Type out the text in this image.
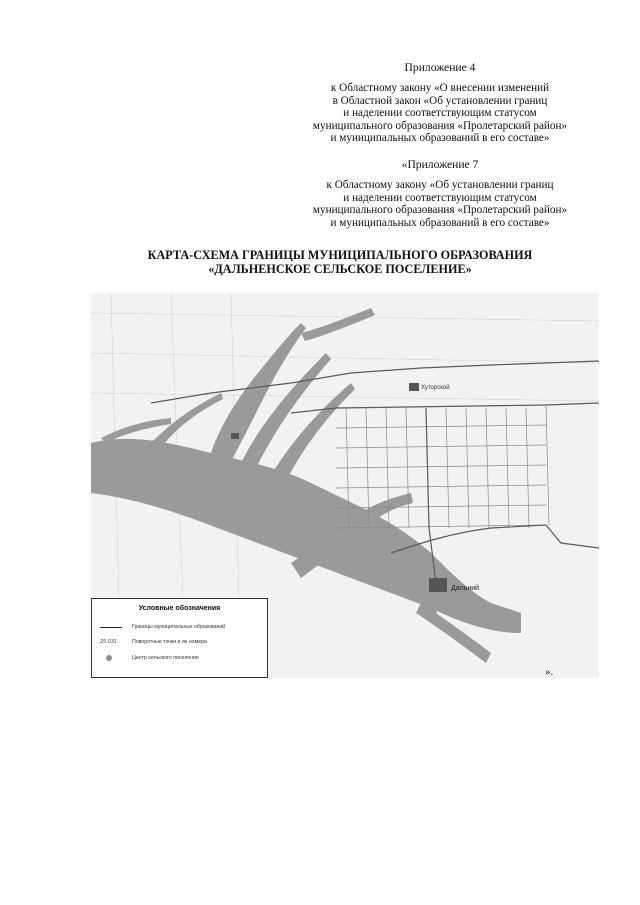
Приложение 4
к Областному закону «О внесении изменений
в Областной закон «Об установлении границ
и наделении соответствующим статусом
муниципального образования «Пролетарский район»
и муниципальных образований в его составе»
«Приложение 7
к Областному закону «Об установлении границ
и наделении соответствующим статусом
муниципального образования «Пролетарский район»
и муниципальных образований в его составе»
КАРТА-СХЕМА ГРАНИЦЫ МУНИЦИПАЛЬНОГО ОБРАЗОВАНИЯ
«ДАЛЬНЕНСКОЕ СЕЛЬСКОЕ ПОСЕЛЕНИЕ»
Дальний
Хуторской
Условные обозначения
Границы муниципальных образований
25.031	Поворотные точки и их номера
Центр сельского поселения
».
